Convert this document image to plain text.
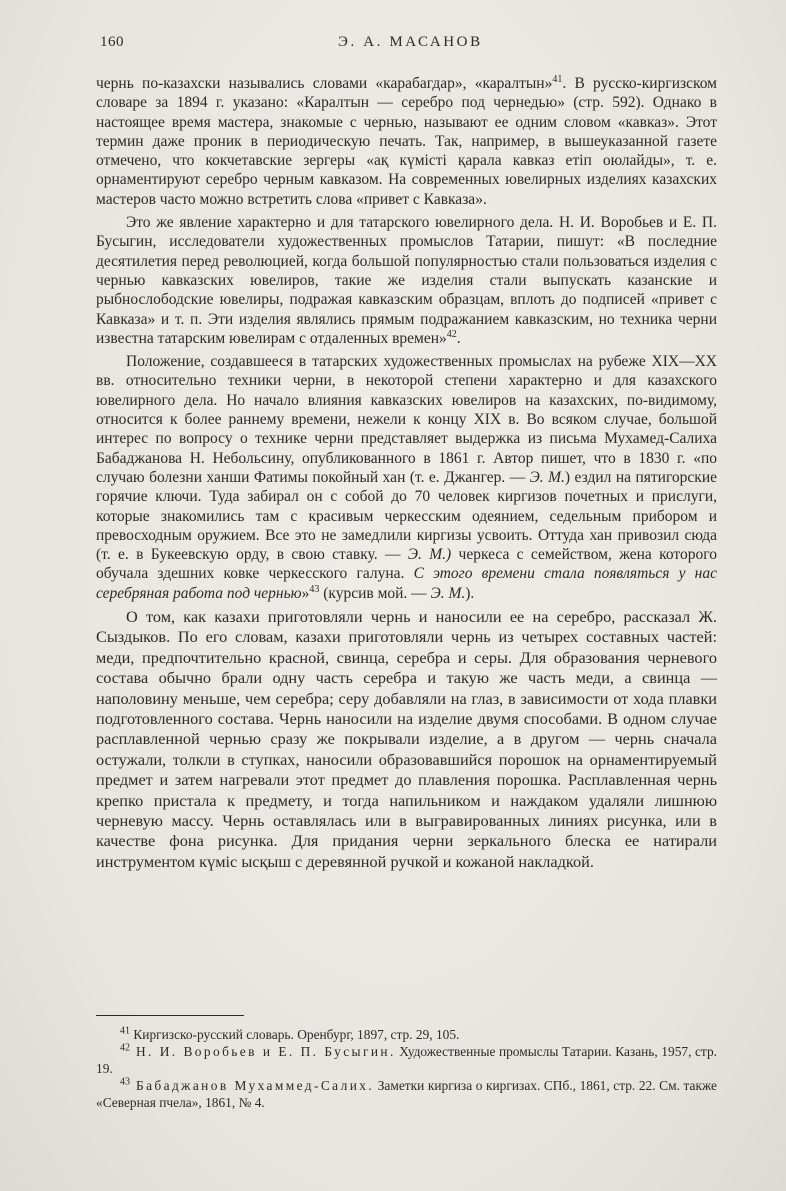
160	Э. А. МАСАНОВ

чернь по-казахски назывались словами «карабагдар», «каралтын»$^{41}$. В русско-киргизском словаре за 1894 г. указано: «Каралтын — серебро под чернедью» (стр. 592). Однако в настоящее время мастера, знакомые с чернью, называют ее одним словом «кавказ». Этот термин даже проник в периодическую печать. Так, например, в вышеуказанной газете отмечено, что кокчетавские зергеры «ақ күмісті қарала кавказ етіп оюлайды», т. е. орнаментируют серебро черным кавказом. На современных ювелирных изделиях казахских мастеров часто можно встретить слова «привет с Кавказа».

Это же явление характерно и для татарского ювелирного дела. Н. И. Воробьев и Е. П. Бусыгин, исследователи художественных промыслов Татарии, пишут: «В последние десятилетия перед революцией, когда большой популярностью стали пользоваться изделия с чернью кавказских ювелиров, такие же изделия стали выпускать казанские и рыбнослободские ювелиры, подражая кавказским образцам, вплоть до подписей «привет с Кавказа» и т. п. Эти изделия являлись прямым подражанием кавказским, но техника черни известна татарским ювелирам с отдаленных времен»$^{42}$.

Положение, создавшееся в татарских художественных промыслах на рубеже XIX—XX вв. относительно техники черни, в некоторой степени характерно и для казахского ювелирного дела. Но начало влияния кавказских ювелиров на казахских, по-видимому, относится к более раннему времени, нежели к концу XIX в. Во всяком случае, большой интерес по вопросу о технике черни представляет выдержка из письма Мухамед-Салиха Бабаджанова Н. Небольсину, опубликованного в 1861 г. Автор пишет, что в 1830 г. «по случаю болезни ханши Фатимы покойный хан (т. е. Джангер. — Э. М.) ездил на пятигорские горячие ключи. Туда забирал он с собой до 70 человек киргизов почетных и прислуги, которые знакомились там с красивым черкесским одеянием, седельным прибором и превосходным оружием. Все это не замедлили киргизы усвоить. Оттуда хан привозил сюда (т. е. в Букеевскую орду, в свою ставку. — Э. М.) черкеса с семейством, жена которого обучала здешних ковке черкесского галуна. С этого времени стала появляться у нас серебряная работа под чернью»$^{43}$ (курсив мой. — Э. М.).

О том, как казахи приготовляли чернь и наносили ее на серебро, рассказал Ж. Сыздыков. По его словам, казахи приготовляли чернь из четырех составных частей: меди, предпочтительно красной, свинца, серебра и серы. Для образования черневого состава обычно брали одну часть серебра и такую же часть меди, а свинца — наполовину меньше, чем серебра; серу добавляли на глаз, в зависимости от хода плавки подготовленного состава. Чернь наносили на изделие двумя способами. В одном случае расплавленной чернью сразу же покрывали изделие, а в другом — чернь сначала остужали, толкли в ступках, наносили образовавшийся порошок на орнаментируемый предмет и затем нагревали этот предмет до плавления порошка. Расплавленная чернь крепко пристала к предмету, и тогда напильником и наждаком удаляли лишнюю черневую массу. Чернь оставлялась или в выгравированных линиях рисунка, или в качестве фона рисунка. Для придания черни зеркального блеска ее натирали инструментом күміс ысқыш с деревянной ручкой и кожаной накладкой.

$^{41}$ Киргизско-русский словарь. Оренбург, 1897, стр. 29, 105.

$^{42}$ Н. И. Воробьев и Е. П. Бусыгин. Художественные промыслы Татарии. Казань, 1957, стр. 19.

$^{43}$ Бабаджанов Мухаммед-Салих. Заметки киргиза о киргизах. СПб., 1861, стр. 22. См. также «Северная пчела», 1861, № 4.
